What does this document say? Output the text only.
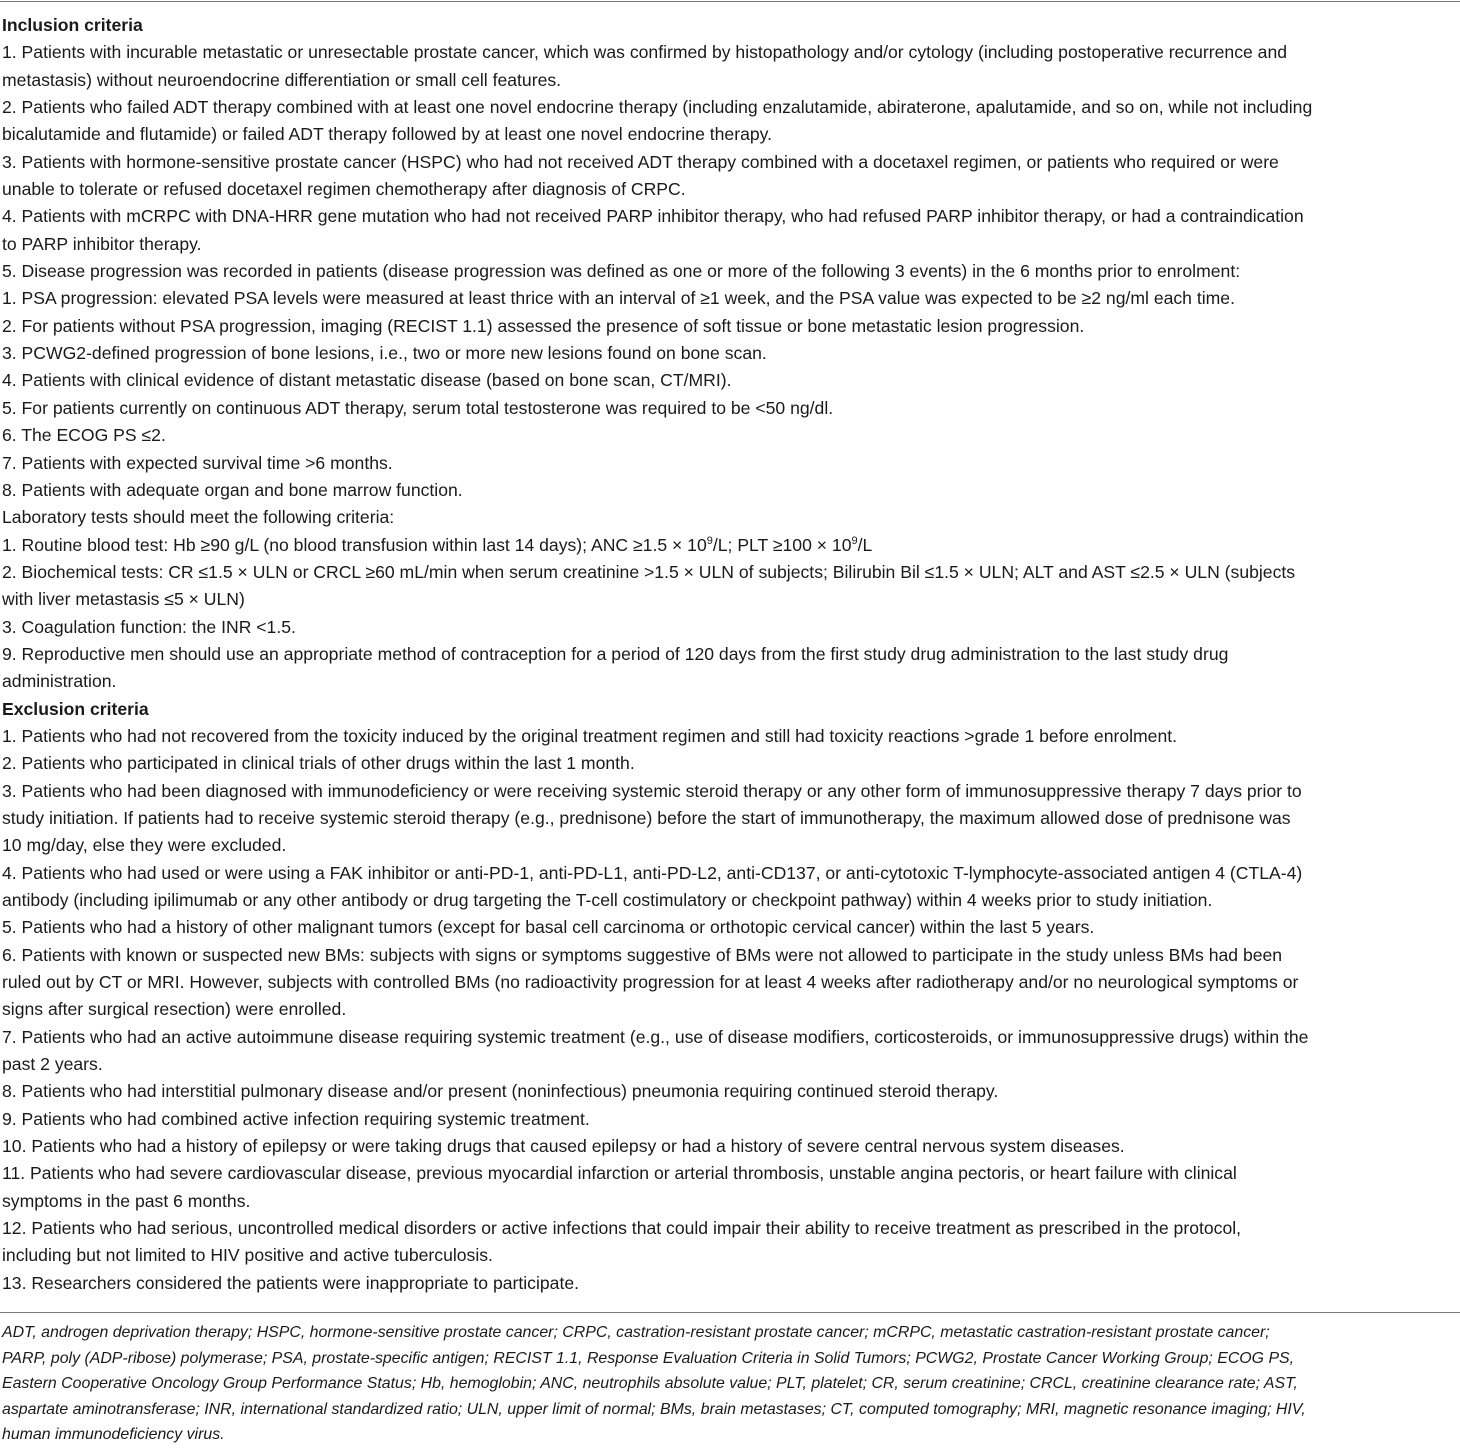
Inclusion criteria
1. Patients with incurable metastatic or unresectable prostate cancer, which was confirmed by histopathology and/or cytology (including postoperative recurrence and
metastasis) without neuroendocrine differentiation or small cell features.
2. Patients who failed ADT therapy combined with at least one novel endocrine therapy (including enzalutamide, abiraterone, apalutamide, and so on, while not including
bicalutamide and flutamide) or failed ADT therapy followed by at least one novel endocrine therapy.
3. Patients with hormone-sensitive prostate cancer (HSPC) who had not received ADT therapy combined with a docetaxel regimen, or patients who required or were
unable to tolerate or refused docetaxel regimen chemotherapy after diagnosis of CRPC.
4. Patients with mCRPC with DNA-HRR gene mutation who had not received PARP inhibitor therapy, who had refused PARP inhibitor therapy, or had a contraindication
to PARP inhibitor therapy.
5. Disease progression was recorded in patients (disease progression was defined as one or more of the following 3 events) in the 6 months prior to enrolment:
1. PSA progression: elevated PSA levels were measured at least thrice with an interval of ≥1 week, and the PSA value was expected to be ≥2 ng/ml each time.
2. For patients without PSA progression, imaging (RECIST 1.1) assessed the presence of soft tissue or bone metastatic lesion progression.
3. PCWG2-defined progression of bone lesions, i.e., two or more new lesions found on bone scan.
4. Patients with clinical evidence of distant metastatic disease (based on bone scan, CT/MRI).
5. For patients currently on continuous ADT therapy, serum total testosterone was required to be <50 ng/dl.
6. The ECOG PS ≤2.
7. Patients with expected survival time >6 months.
8. Patients with adequate organ and bone marrow function.
Laboratory tests should meet the following criteria:
1. Routine blood test: Hb ≥90 g/L (no blood transfusion within last 14 days); ANC $\ge 1.5 \times 10^9/L$; PLT $\ge 100 \times 10^9/L$
2. Biochemical tests: CR ≤1.5 × ULN or CRCL ≥60 mL/min when serum creatinine >1.5 × ULN of subjects; Bilirubin Bil ≤1.5 × ULN; ALT and AST ≤2.5 × ULN (subjects
with liver metastasis ≤5 × ULN)
3. Coagulation function: the INR <1.5.
9. Reproductive men should use an appropriate method of contraception for a period of 120 days from the first study drug administration to the last study drug
administration.
Exclusion criteria
1. Patients who had not recovered from the toxicity induced by the original treatment regimen and still had toxicity reactions >grade 1 before enrolment.
2. Patients who participated in clinical trials of other drugs within the last 1 month.
3. Patients who had been diagnosed with immunodeficiency or were receiving systemic steroid therapy or any other form of immunosuppressive therapy 7 days prior to
study initiation. If patients had to receive systemic steroid therapy (e.g., prednisone) before the start of immunotherapy, the maximum allowed dose of prednisone was
10 mg/day, else they were excluded.
4. Patients who had used or were using a FAK inhibitor or anti-PD-1, anti-PD-L1, anti-PD-L2, anti-CD137, or anti-cytotoxic T-lymphocyte-associated antigen 4 (CTLA-4)
antibody (including ipilimumab or any other antibody or drug targeting the T-cell costimulatory or checkpoint pathway) within 4 weeks prior to study initiation.
5. Patients who had a history of other malignant tumors (except for basal cell carcinoma or orthotopic cervical cancer) within the last 5 years.
6. Patients with known or suspected new BMs: subjects with signs or symptoms suggestive of BMs were not allowed to participate in the study unless BMs had been
ruled out by CT or MRI. However, subjects with controlled BMs (no radioactivity progression for at least 4 weeks after radiotherapy and/or no neurological symptoms or
signs after surgical resection) were enrolled.
7. Patients who had an active autoimmune disease requiring systemic treatment (e.g., use of disease modifiers, corticosteroids, or immunosuppressive drugs) within the
past 2 years.
8. Patients who had interstitial pulmonary disease and/or present (noninfectious) pneumonia requiring continued steroid therapy.
9. Patients who had combined active infection requiring systemic treatment.
10. Patients who had a history of epilepsy or were taking drugs that caused epilepsy or had a history of severe central nervous system diseases.
11. Patients who had severe cardiovascular disease, previous myocardial infarction or arterial thrombosis, unstable angina pectoris, or heart failure with clinical
symptoms in the past 6 months.
12. Patients who had serious, uncontrolled medical disorders or active infections that could impair their ability to receive treatment as prescribed in the protocol,
including but not limited to HIV positive and active tuberculosis.
13. Researchers considered the patients were inappropriate to participate.
ADT, androgen deprivation therapy; HSPC, hormone-sensitive prostate cancer; CRPC, castration-resistant prostate cancer; mCRPC, metastatic castration-resistant prostate cancer;
PARP, poly (ADP-ribose) polymerase; PSA, prostate-specific antigen; RECIST 1.1, Response Evaluation Criteria in Solid Tumors; PCWG2, Prostate Cancer Working Group; ECOG PS,
Eastern Cooperative Oncology Group Performance Status; Hb, hemoglobin; ANC, neutrophils absolute value; PLT, platelet; CR, serum creatinine; CRCL, creatinine clearance rate; AST,
aspartate aminotransferase; INR, international standardized ratio; ULN, upper limit of normal; BMs, brain metastases; CT, computed tomography; MRI, magnetic resonance imaging; HIV,
human immunodeficiency virus.
